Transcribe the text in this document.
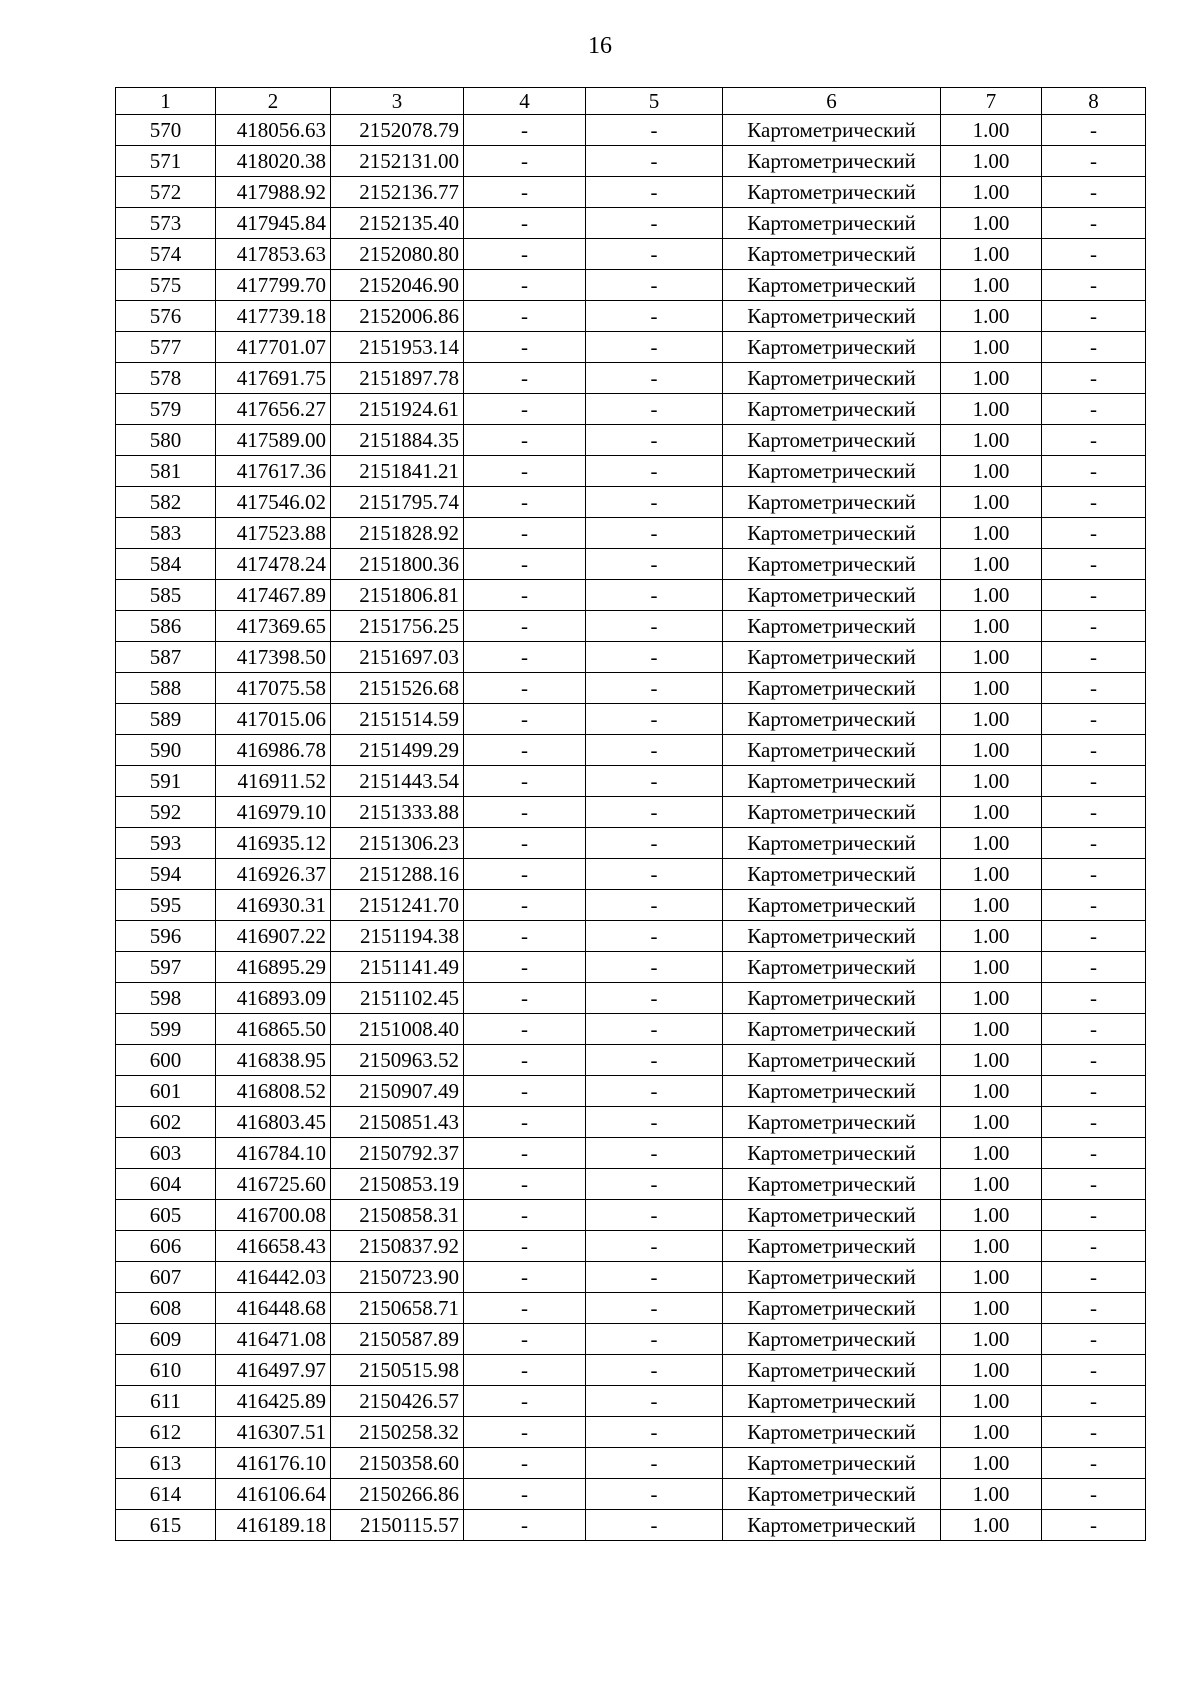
16
1	2	3	4	5	6	7	8
570	418056.63	2152078.79	-	-	Картометрический	1.00	-
571	418020.38	2152131.00	-	-	Картометрический	1.00	-
572	417988.92	2152136.77	-	-	Картометрический	1.00	-
573	417945.84	2152135.40	-	-	Картометрический	1.00	-
574	417853.63	2152080.80	-	-	Картометрический	1.00	-
575	417799.70	2152046.90	-	-	Картометрический	1.00	-
576	417739.18	2152006.86	-	-	Картометрический	1.00	-
577	417701.07	2151953.14	-	-	Картометрический	1.00	-
578	417691.75	2151897.78	-	-	Картометрический	1.00	-
579	417656.27	2151924.61	-	-	Картометрический	1.00	-
580	417589.00	2151884.35	-	-	Картометрический	1.00	-
581	417617.36	2151841.21	-	-	Картометрический	1.00	-
582	417546.02	2151795.74	-	-	Картометрический	1.00	-
583	417523.88	2151828.92	-	-	Картометрический	1.00	-
584	417478.24	2151800.36	-	-	Картометрический	1.00	-
585	417467.89	2151806.81	-	-	Картометрический	1.00	-
586	417369.65	2151756.25	-	-	Картометрический	1.00	-
587	417398.50	2151697.03	-	-	Картометрический	1.00	-
588	417075.58	2151526.68	-	-	Картометрический	1.00	-
589	417015.06	2151514.59	-	-	Картометрический	1.00	-
590	416986.78	2151499.29	-	-	Картометрический	1.00	-
591	416911.52	2151443.54	-	-	Картометрический	1.00	-
592	416979.10	2151333.88	-	-	Картометрический	1.00	-
593	416935.12	2151306.23	-	-	Картометрический	1.00	-
594	416926.37	2151288.16	-	-	Картометрический	1.00	-
595	416930.31	2151241.70	-	-	Картометрический	1.00	-
596	416907.22	2151194.38	-	-	Картометрический	1.00	-
597	416895.29	2151141.49	-	-	Картометрический	1.00	-
598	416893.09	2151102.45	-	-	Картометрический	1.00	-
599	416865.50	2151008.40	-	-	Картометрический	1.00	-
600	416838.95	2150963.52	-	-	Картометрический	1.00	-
601	416808.52	2150907.49	-	-	Картометрический	1.00	-
602	416803.45	2150851.43	-	-	Картометрический	1.00	-
603	416784.10	2150792.37	-	-	Картометрический	1.00	-
604	416725.60	2150853.19	-	-	Картометрический	1.00	-
605	416700.08	2150858.31	-	-	Картометрический	1.00	-
606	416658.43	2150837.92	-	-	Картометрический	1.00	-
607	416442.03	2150723.90	-	-	Картометрический	1.00	-
608	416448.68	2150658.71	-	-	Картометрический	1.00	-
609	416471.08	2150587.89	-	-	Картометрический	1.00	-
610	416497.97	2150515.98	-	-	Картометрический	1.00	-
611	416425.89	2150426.57	-	-	Картометрический	1.00	-
612	416307.51	2150258.32	-	-	Картометрический	1.00	-
613	416176.10	2150358.60	-	-	Картометрический	1.00	-
614	416106.64	2150266.86	-	-	Картометрический	1.00	-
615	416189.18	2150115.57	-	-	Картометрический	1.00	-
